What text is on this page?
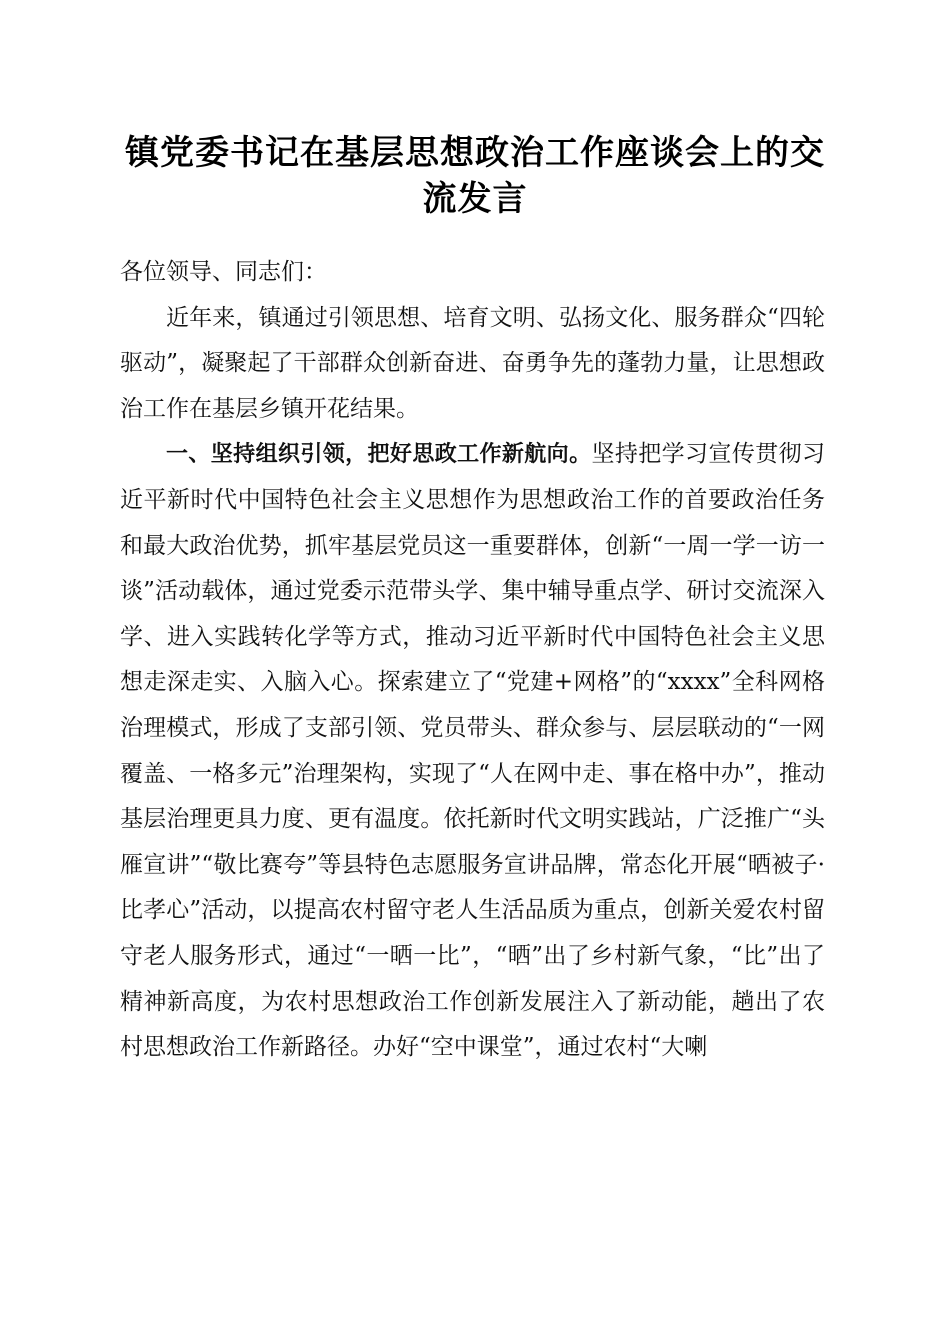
镇党委书记在基层思想政治工作座谈会上的交
流发言

各位领导、同志们：

近年来，镇通过引领思想、培育文明、弘扬文化、服务群众“四轮驱动”，凝聚起了干部群众创新奋进、奋勇争先的蓬勃力量，让思想政治工作在基层乡镇开花结果。

一、坚持组织引领，把好思政工作新航向。坚持把学习宣传贯彻习近平新时代中国特色社会主义思想作为思想政治工作的首要政治任务和最大政治优势，抓牢基层党员这一重要群体，创新“一周一学一访一谈”活动载体，通过党委示范带头学、集中辅导重点学、研讨交流深入学、进入实践转化学等方式，推动习近平新时代中国特色社会主义思想走深走实、入脑入心。探索建立了“党建+网格”的“xxxx”全科网格治理模式，形成了支部引领、党员带头、群众参与、层层联动的“一网覆盖、一格多元”治理架构，实现了“人在网中走、事在格中办”，推动基层治理更具力度、更有温度。依托新时代文明实践站，广泛推广“头雁宣讲”“敬比赛夸”等县特色志愿服务宣讲品牌，常态化开展“晒被子·比孝心”活动，以提高农村留守老人生活品质为重点，创新关爱农村留守老人服务形式，通过“一晒一比”，“晒”出了乡村新气象，“比”出了精神新高度，为农村思想政治工作创新发展注入了新动能，趟出了农村思想政治工作新路径。办好“空中课堂”，通过农村“大喇
